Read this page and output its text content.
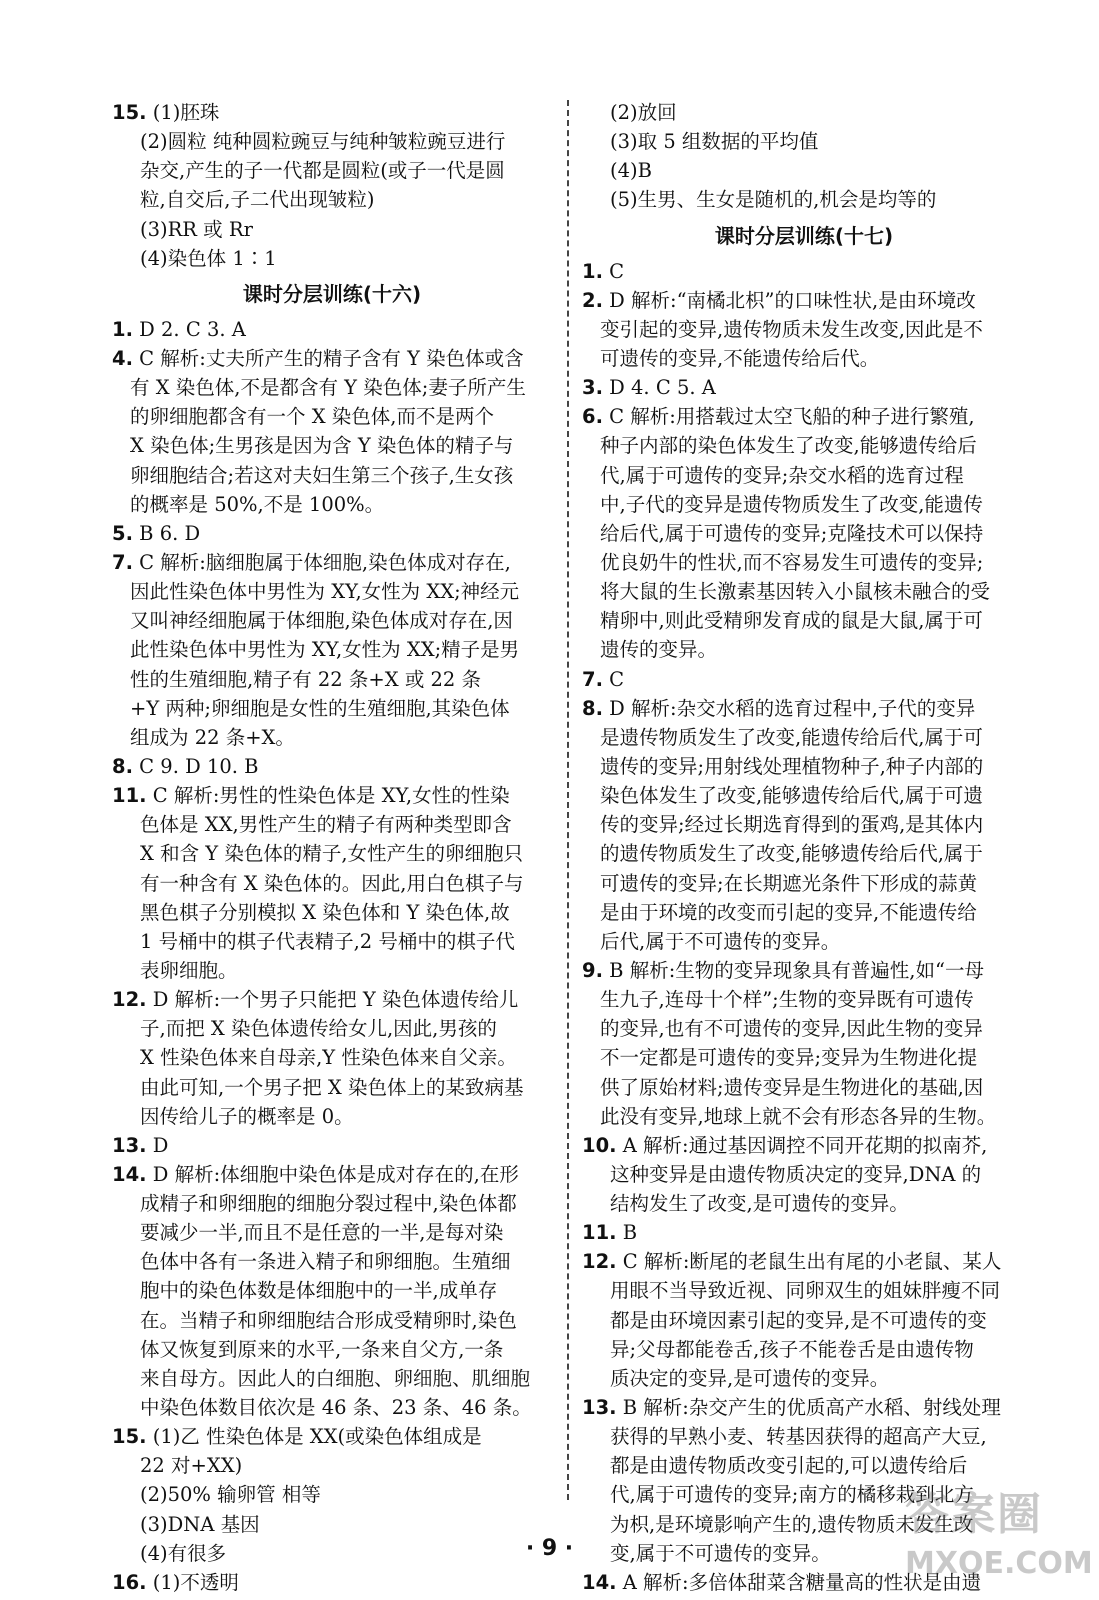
15. (1)胚珠
(2)圆粒 纯种圆粒豌豆与纯种皱粒豌豆进行
杂交,产生的子一代都是圆粒(或子一代是圆
粒,自交后,子二代出现皱粒)
(3)RR 或 Rr
(4)染色体 1∶1
课时分层训练(十六)
1. D 2. C 3. A
4. C 解析:丈夫所产生的精子含有 Y 染色体或含
有 X 染色体,不是都含有 Y 染色体;妻子所产生
的卵细胞都含有一个 X 染色体,而不是两个
X 染色体;生男孩是因为含 Y 染色体的精子与
卵细胞结合;若这对夫妇生第三个孩子,生女孩
的概率是 50%,不是 100%。
5. B 6. D
7. C 解析:脑细胞属于体细胞,染色体成对存在,
因此性染色体中男性为 XY,女性为 XX;神经元
又叫神经细胞属于体细胞,染色体成对存在,因
此性染色体中男性为 XY,女性为 XX;精子是男
性的生殖细胞,精子有 22 条+X 或 22 条
+Y 两种;卵细胞是女性的生殖细胞,其染色体
组成为 22 条+X。
8. C 9. D 10. B
11. C 解析:男性的性染色体是 XY,女性的性染
色体是 XX,男性产生的精子有两种类型即含
X 和含 Y 染色体的精子,女性产生的卵细胞只
有一种含有 X 染色体的。因此,用白色棋子与
黑色棋子分别模拟 X 染色体和 Y 染色体,故
1 号桶中的棋子代表精子,2 号桶中的棋子代
表卵细胞。
12. D 解析:一个男子只能把 Y 染色体遗传给儿
子,而把 X 染色体遗传给女儿,因此,男孩的
X 性染色体来自母亲,Y 性染色体来自父亲。
由此可知,一个男子把 X 染色体上的某致病基
因传给儿子的概率是 0。
13. D
14. D 解析:体细胞中染色体是成对存在的,在形
成精子和卵细胞的细胞分裂过程中,染色体都
要减少一半,而且不是任意的一半,是每对染
色体中各有一条进入精子和卵细胞。生殖细
胞中的染色体数是体细胞中的一半,成单存
在。当精子和卵细胞结合形成受精卵时,染色
体又恢复到原来的水平,一条来自父方,一条
来自母方。因此人的白细胞、卵细胞、肌细胞
中染色体数目依次是 46 条、23 条、46 条。
15. (1)乙 性染色体是 XX(或染色体组成是
22 对+XX)
(2)50% 输卵管 相等
(3)DNA 基因
(4)有很多
16. (1)不透明
(2)放回
(3)取 5 组数据的平均值
(4)B
(5)生男、生女是随机的,机会是均等的
课时分层训练(十七)
1. C
2. D 解析:“南橘北枳”的口味性状,是由环境改
变引起的变异,遗传物质未发生改变,因此是不
可遗传的变异,不能遗传给后代。
3. D 4. C 5. A
6. C 解析:用搭载过太空飞船的种子进行繁殖,
种子内部的染色体发生了改变,能够遗传给后
代,属于可遗传的变异;杂交水稻的选育过程
中,子代的变异是遗传物质发生了改变,能遗传
给后代,属于可遗传的变异;克隆技术可以保持
优良奶牛的性状,而不容易发生可遗传的变异;
将大鼠的生长激素基因转入小鼠核未融合的受
精卵中,则此受精卵发育成的鼠是大鼠,属于可
遗传的变异。
7. C
8. D 解析:杂交水稻的选育过程中,子代的变异
是遗传物质发生了改变,能遗传给后代,属于可
遗传的变异;用射线处理植物种子,种子内部的
染色体发生了改变,能够遗传给后代,属于可遗
传的变异;经过长期选育得到的蛋鸡,是其体内
的遗传物质发生了改变,能够遗传给后代,属于
可遗传的变异;在长期遮光条件下形成的蒜黄
是由于环境的改变而引起的变异,不能遗传给
后代,属于不可遗传的变异。
9. B 解析:生物的变异现象具有普遍性,如“一母
生九子,连母十个样”;生物的变异既有可遗传
的变异,也有不可遗传的变异,因此生物的变异
不一定都是可遗传的变异;变异为生物进化提
供了原始材料;遗传变异是生物进化的基础,因
此没有变异,地球上就不会有形态各异的生物。
10. A 解析:通过基因调控不同开花期的拟南芥,
这种变异是由遗传物质决定的变异,DNA 的
结构发生了改变,是可遗传的变异。
11. B
12. C 解析:断尾的老鼠生出有尾的小老鼠、某人
用眼不当导致近视、同卵双生的姐妹胖瘦不同
都是由环境因素引起的变异,是不可遗传的变
异;父母都能卷舌,孩子不能卷舌是由遗传物
质决定的变异,是可遗传的变异。
13. B 解析:杂交产生的优质高产水稻、射线处理
获得的早熟小麦、转基因获得的超高产大豆,
都是由遗传物质改变引起的,可以遗传给后
代,属于可遗传的变异;南方的橘移栽到北方
为枳,是环境影响产生的,遗传物质未发生改
变,属于不可遗传的变异。
14. A 解析:多倍体甜菜含糖量高的性状是由遗
· 9 ·
答案圈
MXQE.COM
